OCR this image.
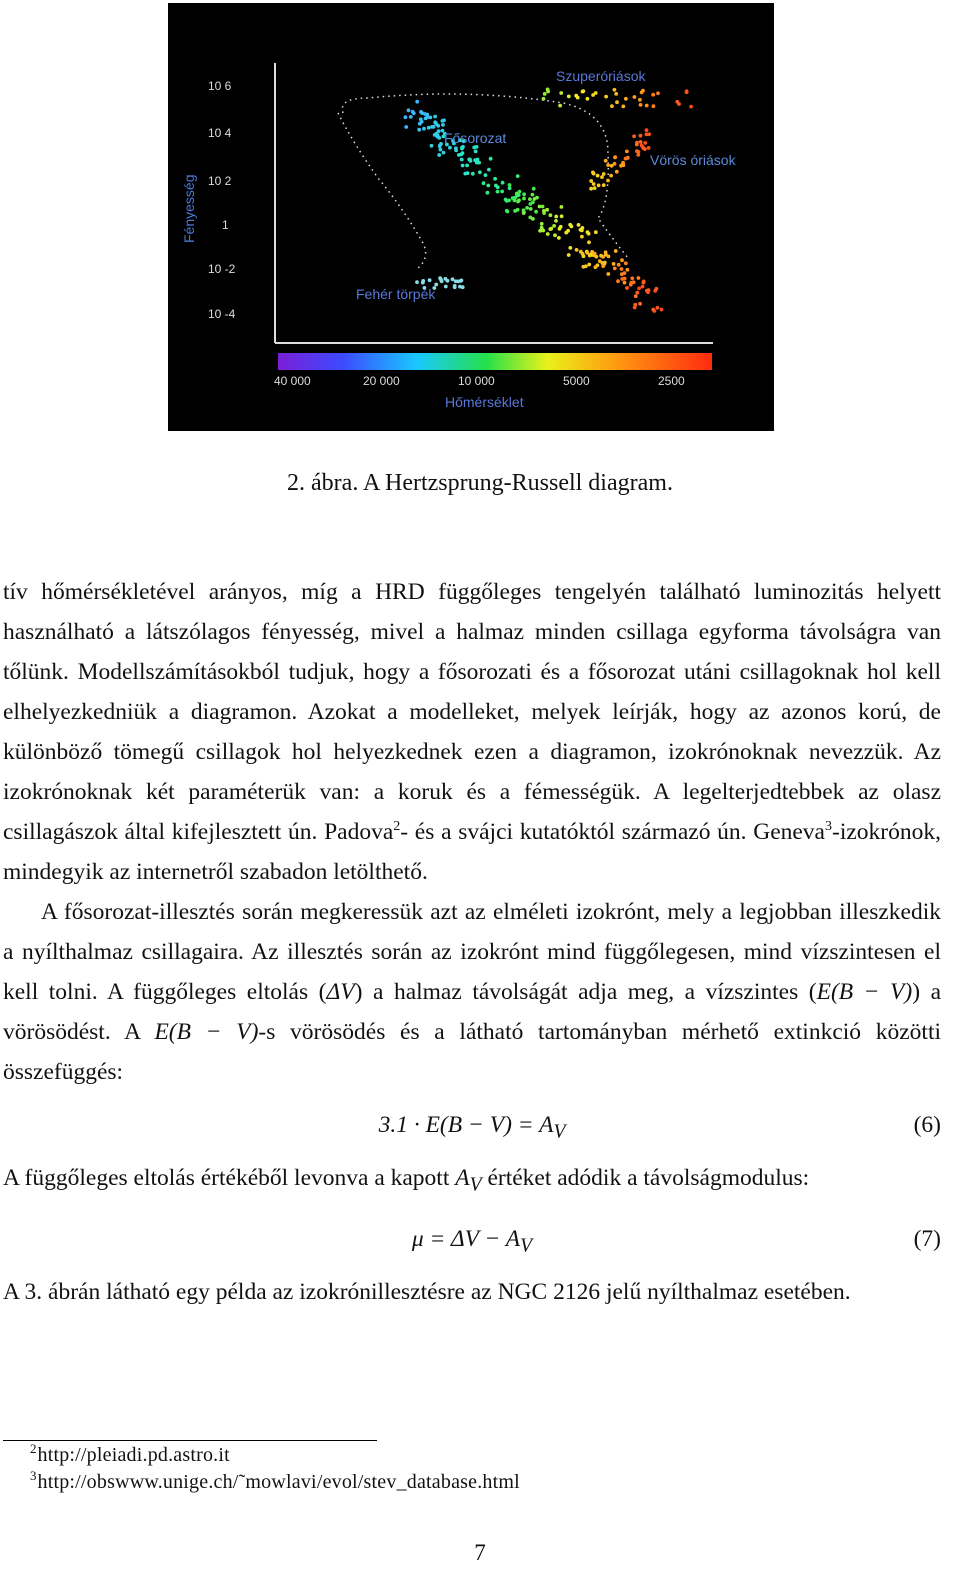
10 6
10 4
10 2
1
10 -2
10 -4
Fényesség
Szuperóriások
Fősorozat
Vörös óriások
Fehér törpék
40 000	20 000	10 000	5000	2500
Hőmérséklet
2. ábra. A Hertzsprung-Russell diagram.

tív hőmérsékletével arányos, míg a HRD függőleges tengelyén található luminozitás helyett használható a látszólagos fényesség, mivel a halmaz minden csillaga egyforma távolságra van tőlünk. Modellszámításokból tudjuk, hogy a fősorozati és a fősorozat utáni csillagoknak hol kell elhelyezkedniük a diagramon. Azokat a modelleket, melyek leírják, hogy az azonos korú, de különböző tömegű csillagok hol helyezkednek ezen a diagramon, izokrónoknak nevezzük. Az izokrónoknak két paraméterük van: a koruk és a fémességük. A legelterjedtebbek az olasz csillagászok által kifejlesztett ún. Padova$^2$- és a svájci kutatóktól származó ún. Geneva$^3$-izokrónok, mindegyik az internetről szabadon letölthető.

A fősorozat-illesztés során megkeressük azt az elméleti izokrónt, mely a legjobban illeszkedik a nyílthalmaz csillagaira. Az illesztés során az izokrónt mind függőlegesen, mind vízszintesen el kell tolni. A függőleges eltolás (ΔV) a halmaz távolságát adja meg, a vízszintes (E(B − V)) a vörösödést. A E(B − V)-s vörösödés és a látható tartományban mérhető extinkció közötti összefüggés:

$3.1 \cdot E(B - V) = A_V$	(6)

A függőleges eltolás értékéből levonva a kapott $A_V$ értéket adódik a távolságmodulus:

$\mu = \Delta V - A_V$	(7)

A 3. ábrán látható egy példa az izokrónillesztésre az NGC 2126 jelű nyílthalmaz esetében.

$^2$http://pleiadi.pd.astro.it
$^3$http://obswww.unige.ch/˜mowlavi/evol/stev_database.html
7
